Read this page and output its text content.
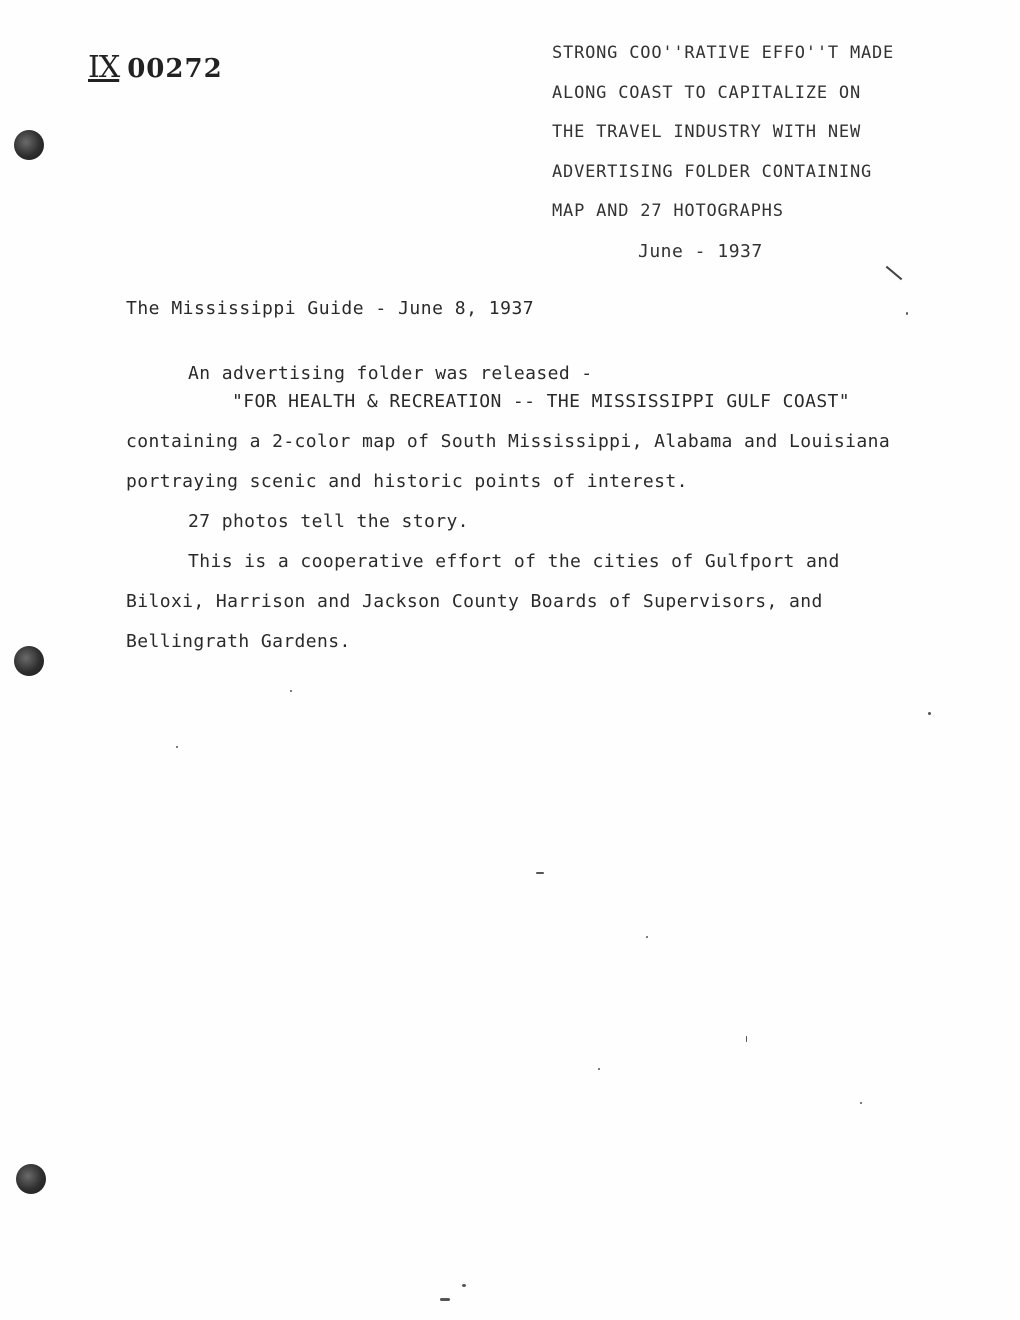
IX 00272
STRONG COO''RATIVE EFFO''T MADE
ALONG COAST TO CAPITALIZE ON
THE TRAVEL INDUSTRY WITH NEW
ADVERTISING FOLDER CONTAINING
MAP AND 27 HOTOGRAPHS
June - 1937
The Mississippi Guide - June 8, 1937
An advertising folder was released -
"FOR HEALTH & RECREATION -- THE MISSISSIPPI GULF COAST"
containing a 2-color map of South Mississippi, Alabama and Louisiana
portraying scenic and historic points of interest.
27 photos tell the story.
This is a cooperative effort of the cities of Gulfport and
Biloxi, Harrison and Jackson County Boards of Supervisors, and
Bellingrath Gardens.
